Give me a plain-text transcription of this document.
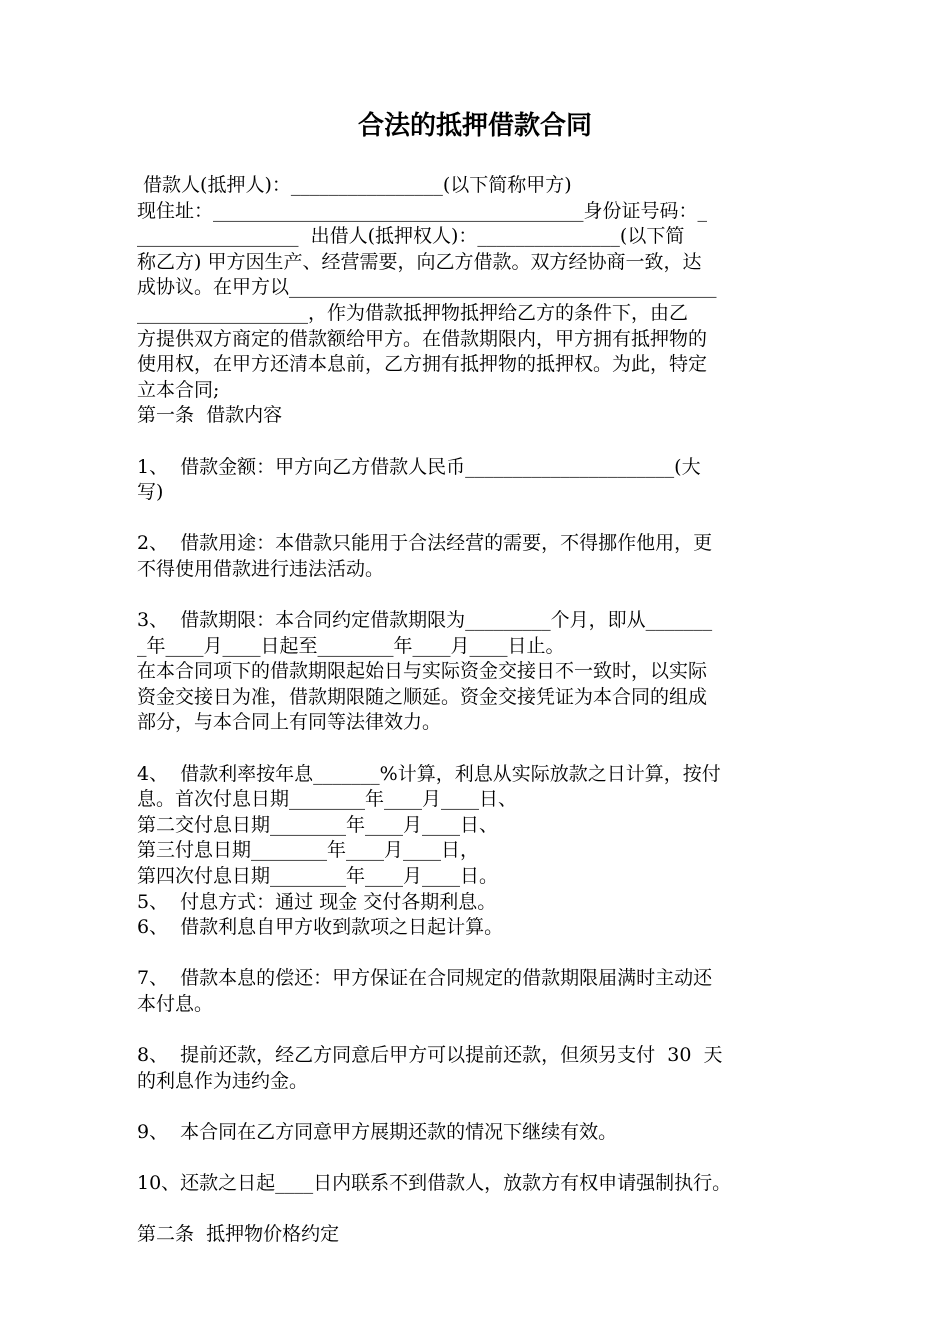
合法的抵押借款合同
借款人(抵押人)：________________(以下简称甲方)
现住址：_______________________________________身份证号码：_
_________________  出借人(抵押权人)：_______________(以下简
称乙方) 甲方因生产、经营需要，向乙方借款。双方经协商一致，达
成协议。在甲方以_____________________________________________
__________________，作为借款抵押物抵押给乙方的条件下，由乙
方提供双方商定的借款额给甲方。在借款期限内，甲方拥有抵押物的
使用权，在甲方还清本息前，乙方拥有抵押物的抵押权。为此，特定
立本合同;
第一条  借款内容
1、  借款金额：甲方向乙方借款人民币______________________(大
写)
2、  借款用途：本借款只能用于合法经营的需要，不得挪作他用，更
不得使用借款进行违法活动。
3、  借款期限：本合同约定借款期限为_________个月，即从_______
_年____月____日起至________年____月____日止。
在本合同项下的借款期限起始日与实际资金交接日不一致时，以实际
资金交接日为准，借款期限随之顺延。资金交接凭证为本合同的组成
部分，与本合同上有同等法律效力。
4、  借款利率按年息_______%计算，利息从实际放款之日计算，按付
息。首次付息日期________年____月____日、
第二交付息日期________年____月____日、
第三付息日期________年____月____日，
第四次付息日期________年____月____日。
5、  付息方式：通过 现金 交付各期利息。
6、  借款利息自甲方收到款项之日起计算。
7、  借款本息的偿还：甲方保证在合同规定的借款期限届满时主动还
本付息。
8、  提前还款，经乙方同意后甲方可以提前还款，但须另支付  30  天
的利息作为违约金。
9、  本合同在乙方同意甲方展期还款的情况下继续有效。
10、还款之日起____日内联系不到借款人，放款方有权申请强制执行。
第二条  抵押物价格约定
